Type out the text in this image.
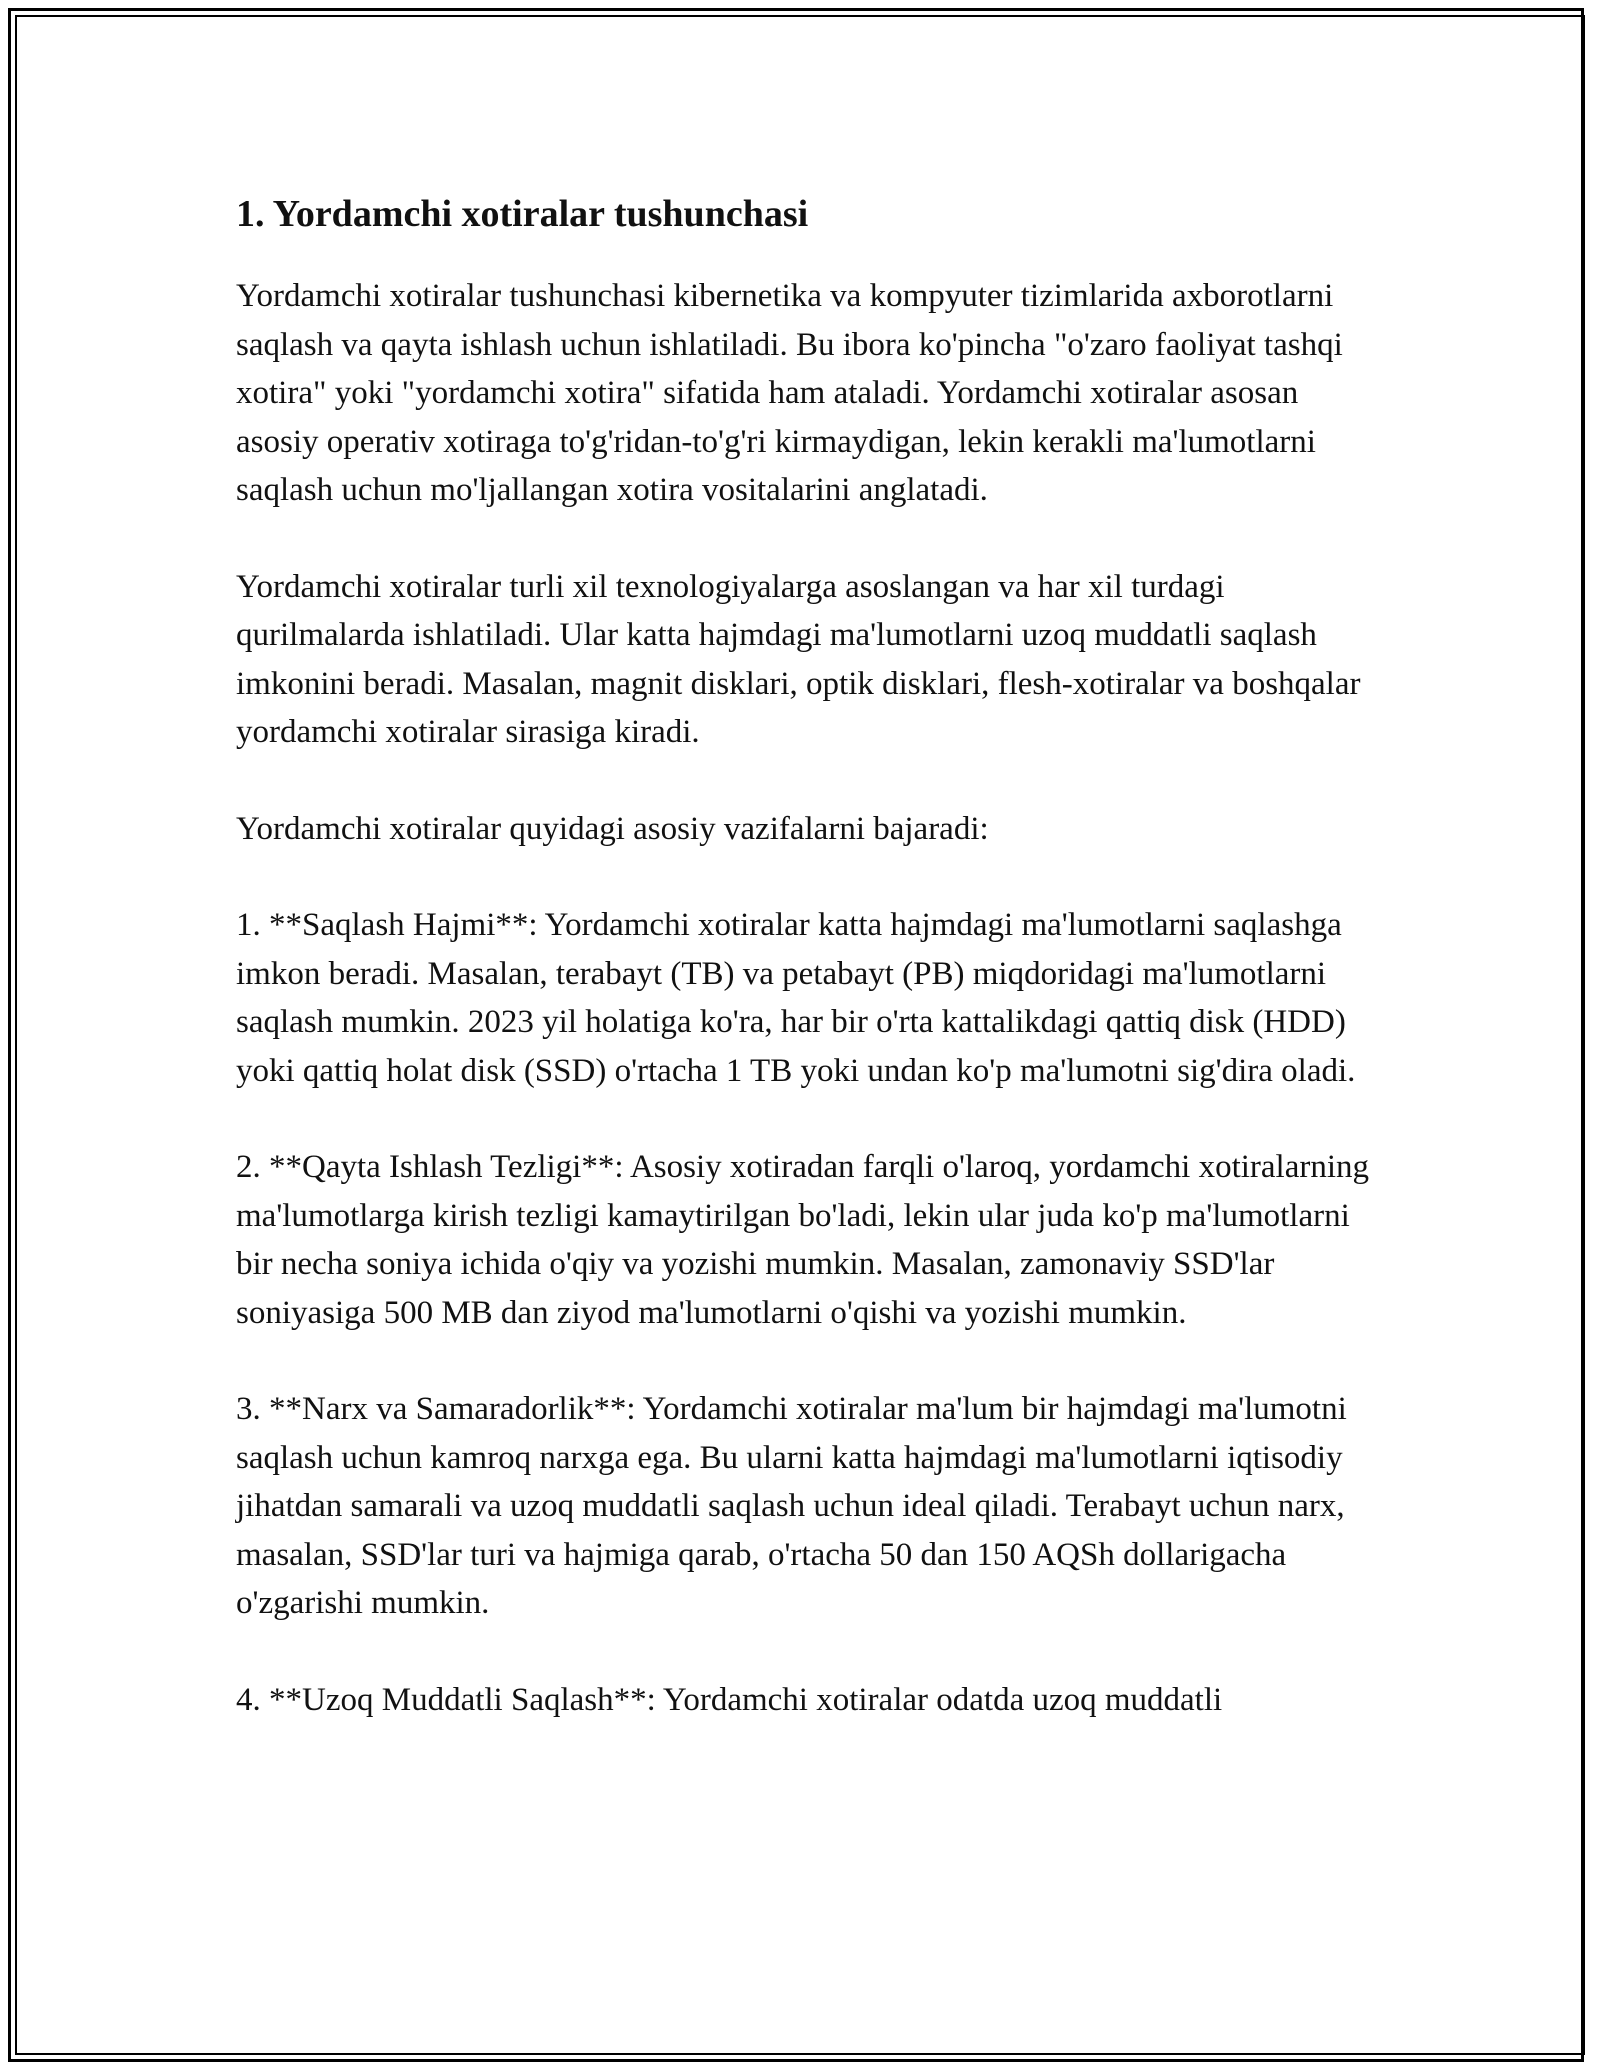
1. Yordamchi xotiralar tushunchasi

Yordamchi xotiralar tushunchasi kibernetika va kompyuter tizimlarida axborotlarni saqlash va qayta ishlash uchun ishlatiladi. Bu ibora ko'pincha "o'zaro faoliyat tashqi xotira" yoki "yordamchi xotira" sifatida ham ataladi. Yordamchi xotiralar asosan asosiy operativ xotiraga to'g'ridan-to'g'ri kirmaydigan, lekin kerakli ma'lumotlarni saqlash uchun mo'ljallangan xotira vositalarini anglatadi.

Yordamchi xotiralar turli xil texnologiyalarga asoslangan va har xil turdagi qurilmalarda ishlatiladi. Ular katta hajmdagi ma'lumotlarni uzoq muddatli saqlash imkonini beradi. Masalan, magnit disklari, optik disklari, flesh-xotiralar va boshqalar yordamchi xotiralar sirasiga kiradi.

Yordamchi xotiralar quyidagi asosiy vazifalarni bajaradi:

1. **Saqlash Hajmi**: Yordamchi xotiralar katta hajmdagi ma'lumotlarni saqlashga imkon beradi. Masalan, terabayt (TB) va petabayt (PB) miqdoridagi ma'lumotlarni saqlash mumkin. 2023 yil holatiga ko'ra, har bir o'rta kattalikdagi qattiq disk (HDD) yoki qattiq holat disk (SSD) o'rtacha 1 TB yoki undan ko'p ma'lumotni sig'dira oladi.

2. **Qayta Ishlash Tezligi**: Asosiy xotiradan farqli o'laroq, yordamchi xotiralarning ma'lumotlarga kirish tezligi kamaytirilgan bo'ladi, lekin ular juda ko'p ma'lumotlarni bir necha soniya ichida o'qiy va yozishi mumkin. Masalan, zamonaviy SSD'lar soniyasiga 500 MB dan ziyod ma'lumotlarni o'qishi va yozishi mumkin.

3. **Narx va Samaradorlik**: Yordamchi xotiralar ma'lum bir hajmdagi ma'lumotni saqlash uchun kamroq narxga ega. Bu ularni katta hajmdagi ma'lumotlarni iqtisodiy jihatdan samarali va uzoq muddatli saqlash uchun ideal qiladi. Terabayt uchun narx, masalan, SSD'lar turi va hajmiga qarab, o'rtacha 50 dan 150 AQSh dollarigacha o'zgarishi mumkin.

4. **Uzoq Muddatli Saqlash**: Yordamchi xotiralar odatda uzoq muddatli
